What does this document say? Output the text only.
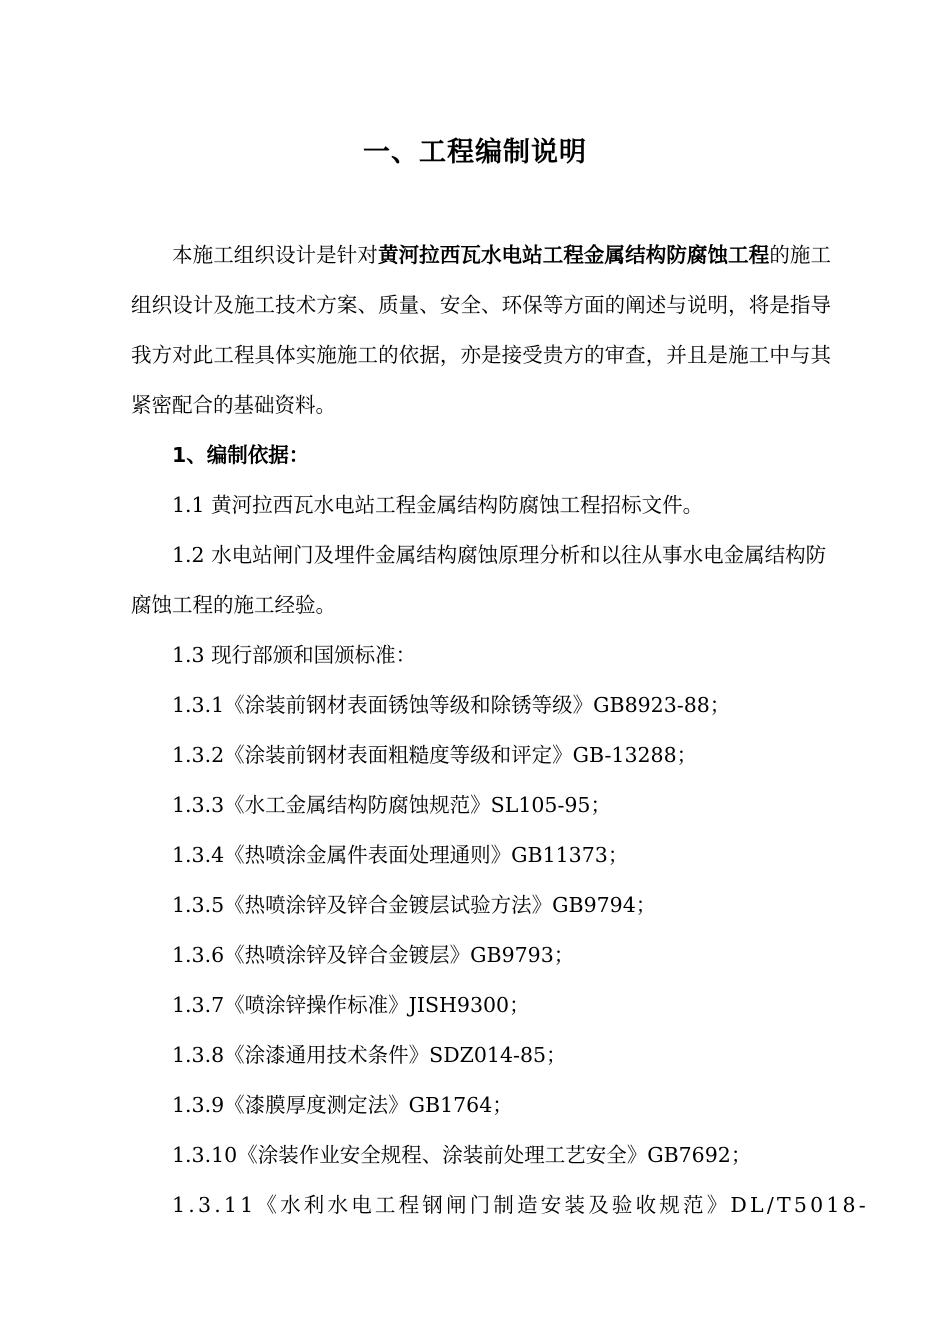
一、工程编制说明

本施工组织设计是针对黄河拉西瓦水电站工程金属结构防腐蚀工程的施工组织设计及施工技术方案、质量、安全、环保等方面的阐述与说明，将是指导我方对此工程具体实施施工的依据，亦是接受贵方的审查，并且是施工中与其紧密配合的基础资料。

1、编制依据：

1.1 黄河拉西瓦水电站工程金属结构防腐蚀工程招标文件。

1.2 水电站闸门及埋件金属结构腐蚀原理分析和以往从事水电金属结构防腐蚀工程的施工经验。

1.3 现行部颁和国颁标准：

1.3.1《涂装前钢材表面锈蚀等级和除锈等级》GB8923-88；

1.3.2《涂装前钢材表面粗糙度等级和评定》GB-13288；

1.3.3《水工金属结构防腐蚀规范》SL105-95；

1.3.4《热喷涂金属件表面处理通则》GB11373；

1.3.5《热喷涂锌及锌合金镀层试验方法》GB9794；

1.3.6《热喷涂锌及锌合金镀层》GB9793；

1.3.7《喷涂锌操作标准》JISH9300；

1.3.8《涂漆通用技术条件》SDZ014-85；

1.3.9《漆膜厚度测定法》GB1764；

1.3.10《涂装作业安全规程、涂装前处理工艺安全》GB7692；

1.3.11《水利水电工程钢闸门制造安装及验收规范》DL/T5018-
